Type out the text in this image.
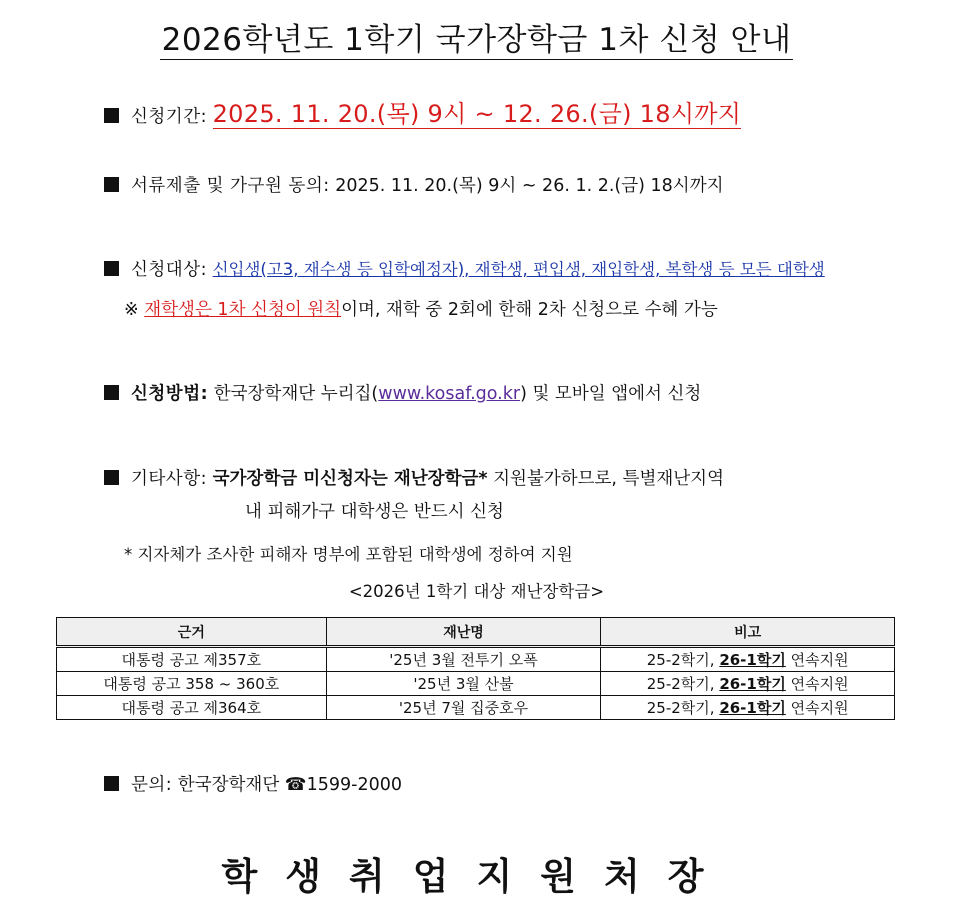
2026학년도 1학기 국가장학금 1차 신청 안내
신청기간: 2025. 11. 20.(목) 9시 ~ 12. 26.(금) 18시까지
서류제출 및 가구원 동의: 2025. 11. 20.(목) 9시 ~ 26. 1. 2.(금) 18시까지
신청대상: 신입생(고3, 재수생 등 입학예정자), 재학생, 편입생, 재입학생, 복학생 등 모든 대학생
※ 재학생은 1차 신청이 원칙이며, 재학 중 2회에 한해 2차 신청으로 수혜 가능
신청방법: 한국장학재단 누리집(www.kosaf.go.kr) 및 모바일 앱에서 신청
기타사항: 국가장학금 미신청자는 재난장학금* 지원불가하므로, 특별재난지역
내 피해가구 대학생은 반드시 신청
* 지자체가 조사한 피해자 명부에 포함된 대학생에 정하여 지원
<2026년 1학기 대상 재난장학금>
근거	재난명	비고
대통령 공고 제357호	'25년 3월 전투기 오폭	25-2학기, 26-1학기 연속지원
대통령 공고 358 ~ 360호	'25년 3월 산불	25-2학기, 26-1학기 연속지원
대통령 공고 제364호	'25년 7월 집중호우	25-2학기, 26-1학기 연속지원
문의: 한국장학재단 ☎1599-2000
학생취업지원처장
